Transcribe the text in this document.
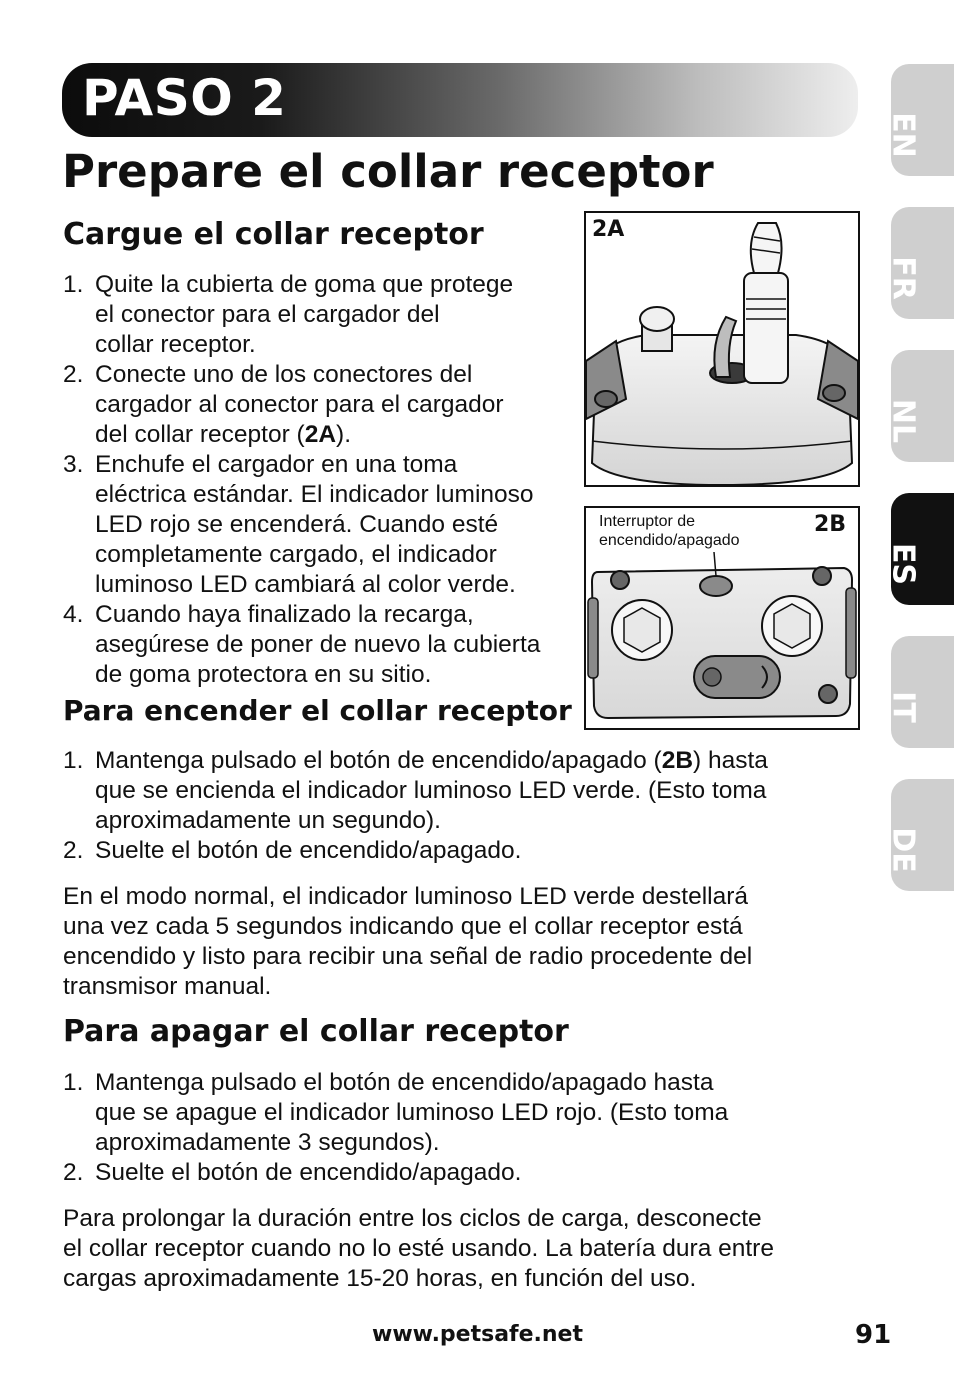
PASO 2
Prepare el collar receptor
Cargue el collar receptor
1. Quite la cubierta de goma que protege
el conector para el cargador del
collar receptor.
2. Conecte uno de los conectores del
cargador al conector para el cargador
del collar receptor (2A).
3. Enchufe el cargador en una toma
eléctrica estándar. El indicador luminoso
LED rojo se encenderá. Cuando esté
completamente cargado, el indicador
luminoso LED cambiará al color verde.
4. Cuando haya finalizado la recarga,
asegúrese de poner de nuevo la cubierta
de goma protectora en su sitio.
Para encender el collar receptor
1. Mantenga pulsado el botón de encendido/apagado (2B) hasta
que se encienda el indicador luminoso LED verde. (Esto toma
aproximadamente un segundo).
2. Suelte el botón de encendido/apagado.
En el modo normal, el indicador luminoso LED verde destellará
una vez cada 5 segundos indicando que el collar receptor está
encendido y listo para recibir una señal de radio procedente del
transmisor manual.
Para apagar el collar receptor
1. Mantenga pulsado el botón de encendido/apagado hasta
que se apague el indicador luminoso LED rojo. (Esto toma
aproximadamente 3 segundos).
2. Suelte el botón de encendido/apagado.
Para prolongar la duración entre los ciclos de carga, desconecte
el collar receptor cuando no lo esté usando. La batería dura entre
cargas aproximadamente 15-20 horas, en función del uso.
2A
Interruptor de
encendido/apagado
2B
EN
FR
NL
ES
IT
DE
www.petsafe.net	91
